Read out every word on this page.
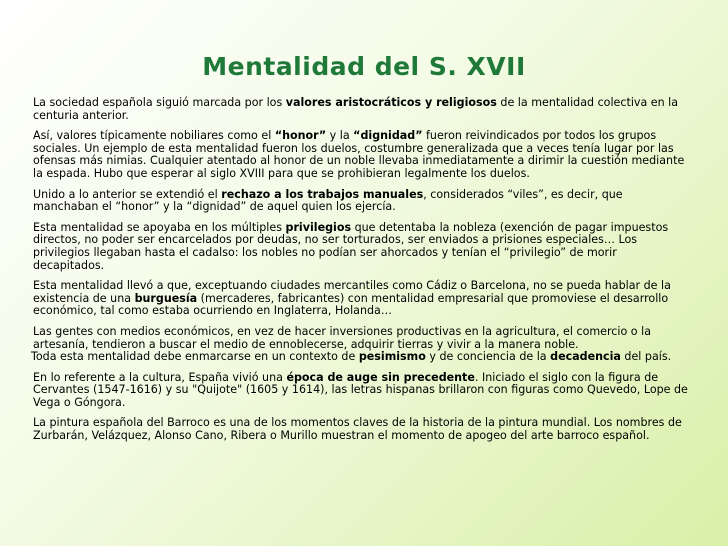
Mentalidad del S. XVII
La sociedad española siguió marcada por los valores aristocráticos y religiosos de la mentalidad colectiva en la centuria anterior.
Así, valores típicamente nobiliares como el “honor” y la “dignidad” fueron reivindicados por todos los grupos sociales. Un ejemplo de esta mentalidad fueron los duelos, costumbre generalizada que a veces tenía lugar por las ofensas más nimias. Cualquier atentado al honor de un noble llevaba inmediatamente a dirimir la cuestión mediante la espada. Hubo que esperar al siglo XVIII para que se prohibieran legalmente los duelos.
Unido a lo anterior se extendió el rechazo a los trabajos manuales, considerados “viles”, es decir, que manchaban el “honor” y la “dignidad” de aquel quien los ejercía.
Esta mentalidad se apoyaba en los múltiples privilegios que detentaba la nobleza (exención de pagar impuestos directos, no poder ser encarcelados por deudas, no ser torturados, ser enviados a prisiones especiales… Los privilegios llegaban hasta el cadalso: los nobles no podían ser ahorcados y tenían el “privilegio” de morir decapitados.
Esta mentalidad llevó a que, exceptuando ciudades mercantiles como Cádiz o Barcelona, no se pueda hablar de la existencia de una burguesía (mercaderes, fabricantes) con mentalidad empresarial que promoviese el desarrollo económico, tal como estaba ocurriendo en Inglaterra, Holanda…
Las gentes con medios económicos, en vez de hacer inversiones productivas en la agricultura, el comercio o la artesanía, tendieron a buscar el medio de ennoblecerse, adquirir tierras y vivir a la manera noble.
Toda esta mentalidad debe enmarcarse en un contexto de pesimismo y de conciencia de la decadencia del país.
En lo referente a la cultura, España vivió una época de auge sin precedente. Iniciado el siglo con la figura de Cervantes (1547-1616) y su "Quijote" (1605 y 1614), las letras hispanas brillaron con figuras como Quevedo, Lope de Vega o Góngora.
La pintura española del Barroco es una de los momentos claves de la historia de la pintura mundial. Los nombres de Zurbarán, Velázquez, Alonso Cano, Ribera o Murillo muestran el momento de apogeo del arte barroco español.
